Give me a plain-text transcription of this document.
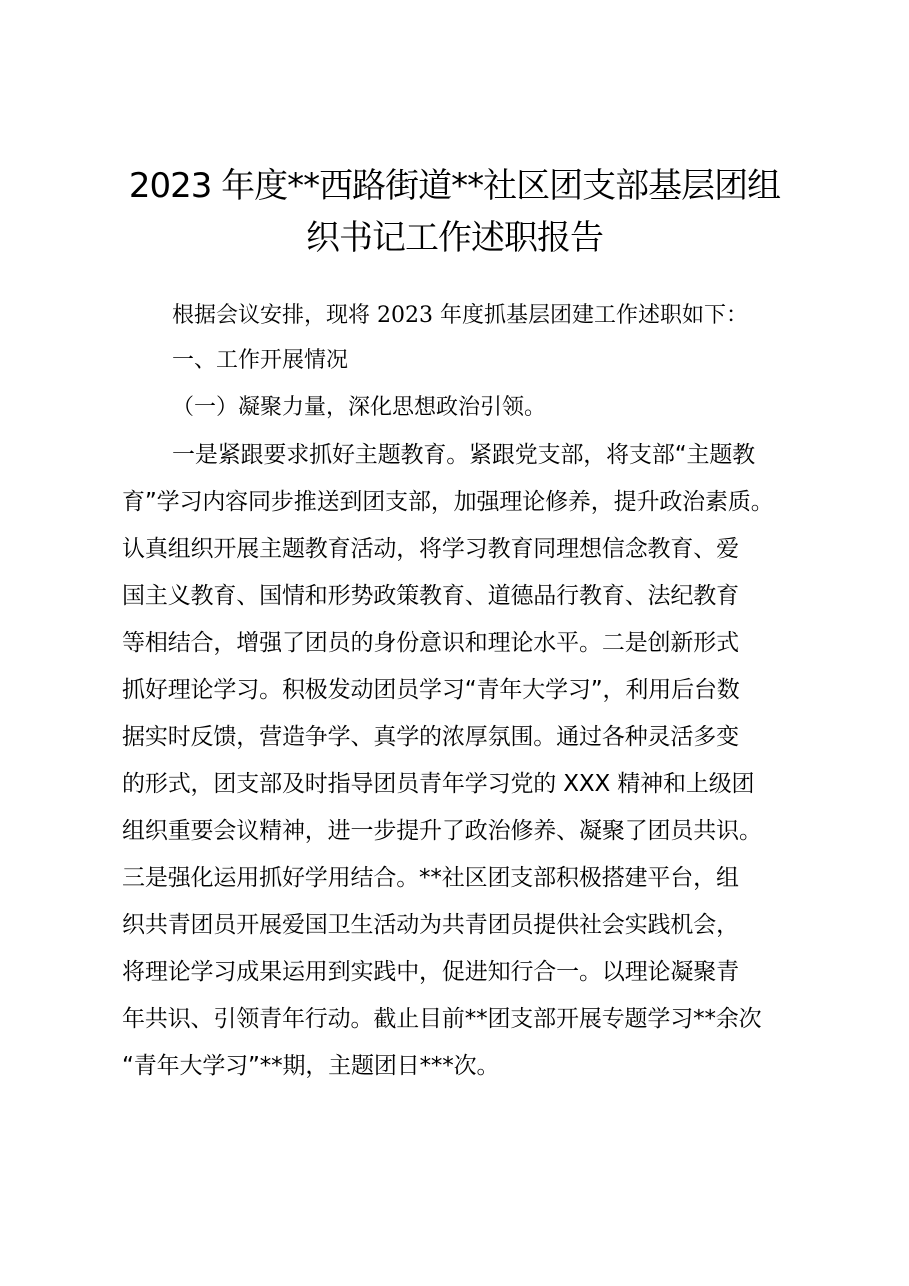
2023 年度**西路街道**社区团支部基层团组
织书记工作述职报告
根据会议安排，现将 2023 年度抓基层团建工作述职如下：
一、工作开展情况
（一）凝聚力量，深化思想政治引领。
一是紧跟要求抓好主题教育。紧跟党支部，将支部“主题教
育”学习内容同步推送到团支部，加强理论修养，提升政治素质。
认真组织开展主题教育活动，将学习教育同理想信念教育、爱
国主义教育、国情和形势政策教育、道德品行教育、法纪教育
等相结合，增强了团员的身份意识和理论水平。二是创新形式
抓好理论学习。积极发动团员学习“青年大学习”，利用后台数
据实时反馈，营造争学、真学的浓厚氛围。通过各种灵活多变
的形式，团支部及时指导团员青年学习党的 XXX 精神和上级团
组织重要会议精神，进一步提升了政治修养、凝聚了团员共识。
三是强化运用抓好学用结合。**社区团支部积极搭建平台，组
织共青团员开展爱国卫生活动为共青团员提供社会实践机会，
将理论学习成果运用到实践中，促进知行合一。以理论凝聚青
年共识、引领青年行动。截止目前**团支部开展专题学习**余次
“青年大学习”**期，主题团日***次。
